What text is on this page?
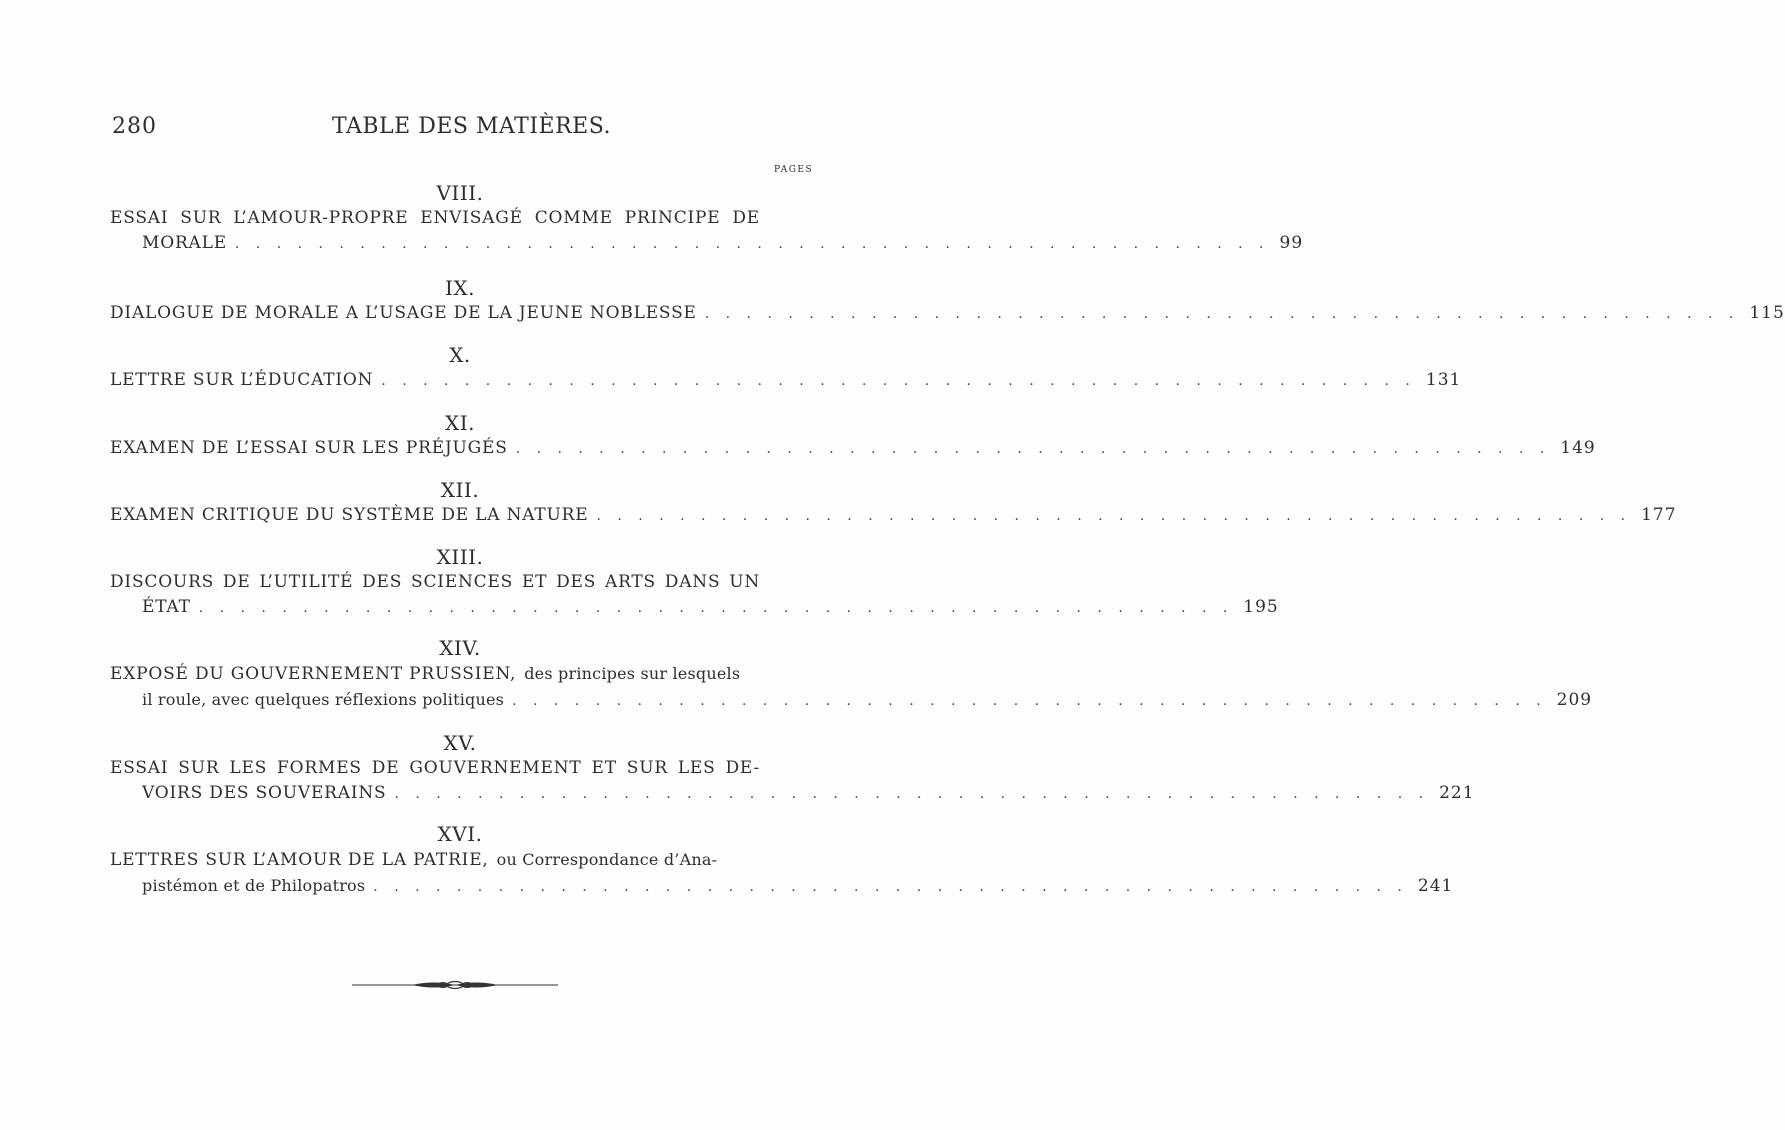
280	TABLE DES MATIÈRES.
PAGES
VIII.
ESSAI SUR L’AMOUR-PROPRE ENVISAGÉ COMME PRINCIPE DE
MORALE . . . . . . . . . . . . . . . . . . . . . . . . . . . . . . . . . . . . . . . . . . . . . . . . . . 99
IX.
DIALOGUE DE MORALE A L’USAGE DE LA JEUNE NOBLESSE . . . . . . . . . . . . . . . . . . . . . . . . . . . . . . . . . . . . . . . . . . . . . . . . . . 115
X.
LETTRE SUR L’ÉDUCATION . . . . . . . . . . . . . . . . . . . . . . . . . . . . . . . . . . . . . . . . . . . . . . . . . . 131
XI.
EXAMEN DE L’ESSAI SUR LES PRÉJUGÉS . . . . . . . . . . . . . . . . . . . . . . . . . . . . . . . . . . . . . . . . . . . . . . . . . . 149
XII.
EXAMEN CRITIQUE DU SYSTÈME DE LA NATURE . . . . . . . . . . . . . . . . . . . . . . . . . . . . . . . . . . . . . . . . . . . . . . . . . . 177
XIII.
DISCOURS DE L’UTILITÉ DES SCIENCES ET DES ARTS DANS UN
ÉTAT . . . . . . . . . . . . . . . . . . . . . . . . . . . . . . . . . . . . . . . . . . . . . . . . . . 195
XIV.
EXPOSÉ DU GOUVERNEMENT PRUSSIEN, des principes sur lesquels
il roule, avec quelques réflexions politiques . . . . . . . . . . . . . . . . . . . . . . . . . . . . . . . . . . . . . . . . . . . . . . . . . . 209
XV.
ESSAI SUR LES FORMES DE GOUVERNEMENT ET SUR LES DE-
VOIRS DES SOUVERAINS . . . . . . . . . . . . . . . . . . . . . . . . . . . . . . . . . . . . . . . . . . . . . . . . . . 221
XVI.
LETTRES SUR L’AMOUR DE LA PATRIE, ou Correspondance d’Ana-
pistémon et de Philopatros . . . . . . . . . . . . . . . . . . . . . . . . . . . . . . . . . . . . . . . . . . . . . . . . . . 241
